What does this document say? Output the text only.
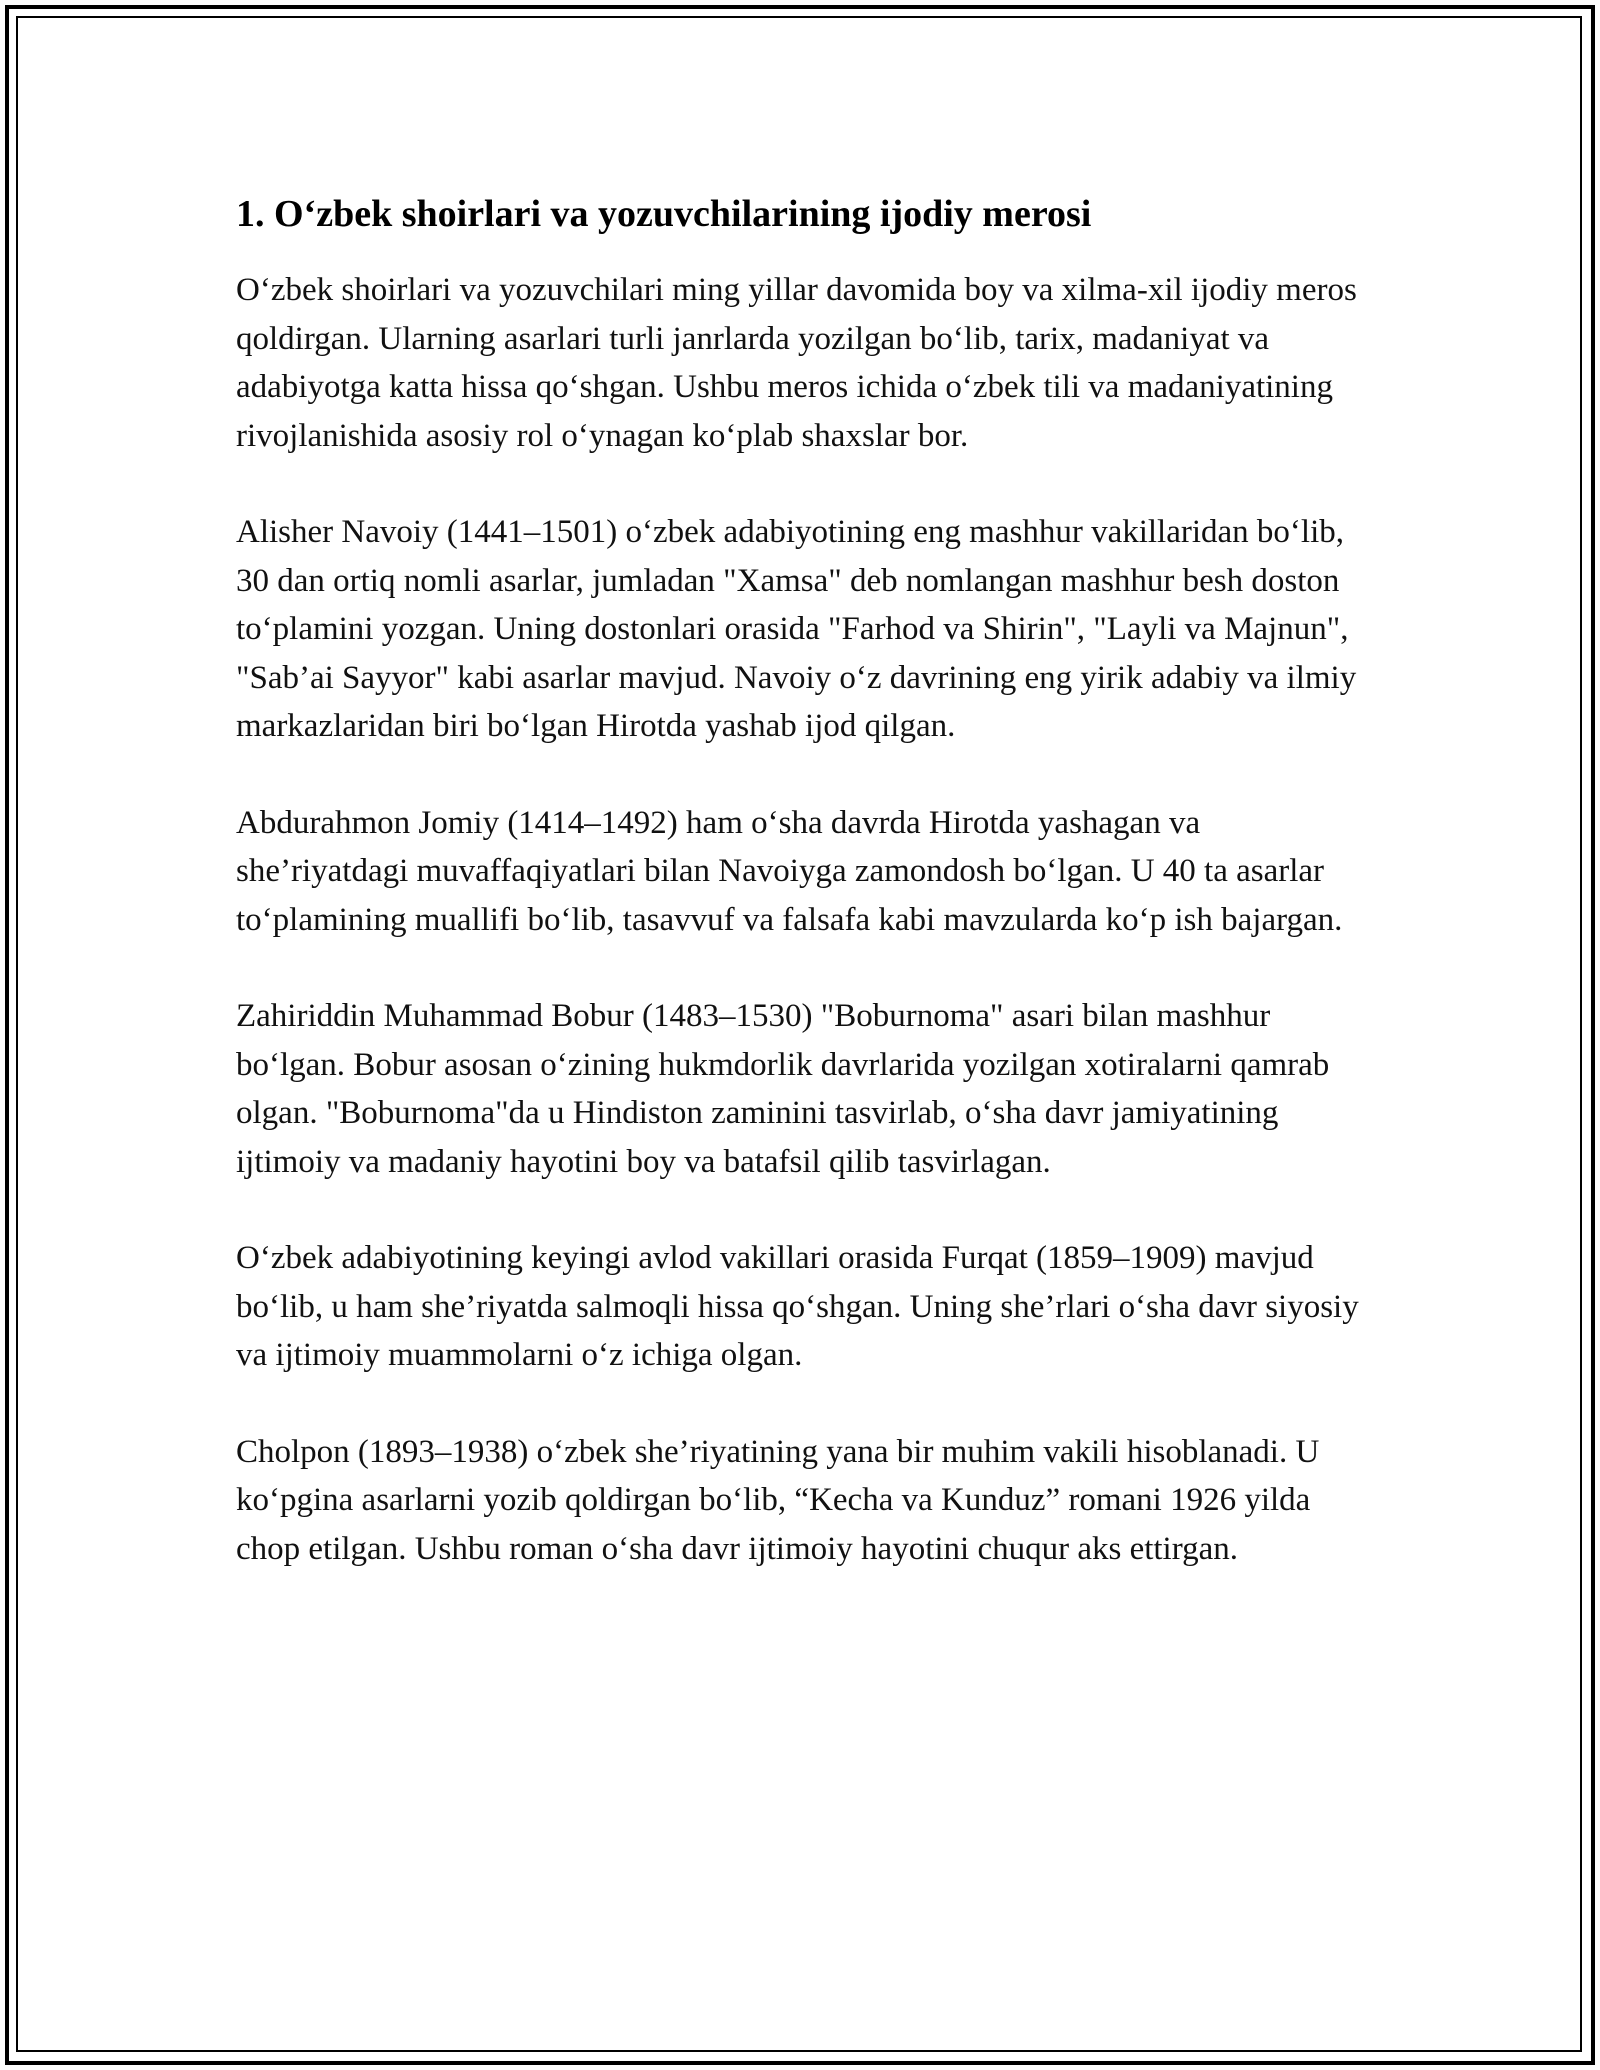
1. O‘zbek shoirlari va yozuvchilarining ijodiy merosi

O‘zbek shoirlari va yozuvchilari ming yillar davomida boy va xilma-xil ijodiy meros qoldirgan. Ularning asarlari turli janrlarda yozilgan bo‘lib, tarix, madaniyat va adabiyotga katta hissa qo‘shgan. Ushbu meros ichida o‘zbek tili va madaniyatining rivojlanishida asosiy rol o‘ynagan ko‘plab shaxslar bor.

Alisher Navoiy (1441–1501) o‘zbek adabiyotining eng mashhur vakillaridan bo‘lib, 30 dan ortiq nomli asarlar, jumladan "Xamsa" deb nomlangan mashhur besh doston to‘plamini yozgan. Uning dostonlari orasida "Farhod va Shirin", "Layli va Majnun", "Sab’ai Sayyor" kabi asarlar mavjud. Navoiy o‘z davrining eng yirik adabiy va ilmiy markazlaridan biri bo‘lgan Hirotda yashab ijod qilgan.

Abdurahmon Jomiy (1414–1492) ham o‘sha davrda Hirotda yashagan va she’riyatdagi muvaffaqiyatlari bilan Navoiyga zamondosh bo‘lgan. U 40 ta asarlar to‘plamining muallifi bo‘lib, tasavvuf va falsafa kabi mavzularda ko‘p ish bajargan.

Zahiriddin Muhammad Bobur (1483–1530) "Boburnoma" asari bilan mashhur bo‘lgan. Bobur asosan o‘zining hukmdorlik davrlarida yozilgan xotiralarni qamrab olgan. "Boburnoma"da u Hindiston zaminini tasvirlab, o‘sha davr jamiyatining ijtimoiy va madaniy hayotini boy va batafsil qilib tasvirlagan.

O‘zbek adabiyotining keyingi avlod vakillari orasida Furqat (1859–1909) mavjud bo‘lib, u ham she’riyatda salmoqli hissa qo‘shgan. Uning she’rlari o‘sha davr siyosiy va ijtimoiy muammolarni o‘z ichiga olgan.

Cholpon (1893–1938) o‘zbek she’riyatining yana bir muhim vakili hisoblanadi. U ko‘pgina asarlarni yozib qoldirgan bo‘lib, “Kecha va Kunduz” romani 1926 yilda chop etilgan. Ushbu roman o‘sha davr ijtimoiy hayotini chuqur aks ettirgan.
